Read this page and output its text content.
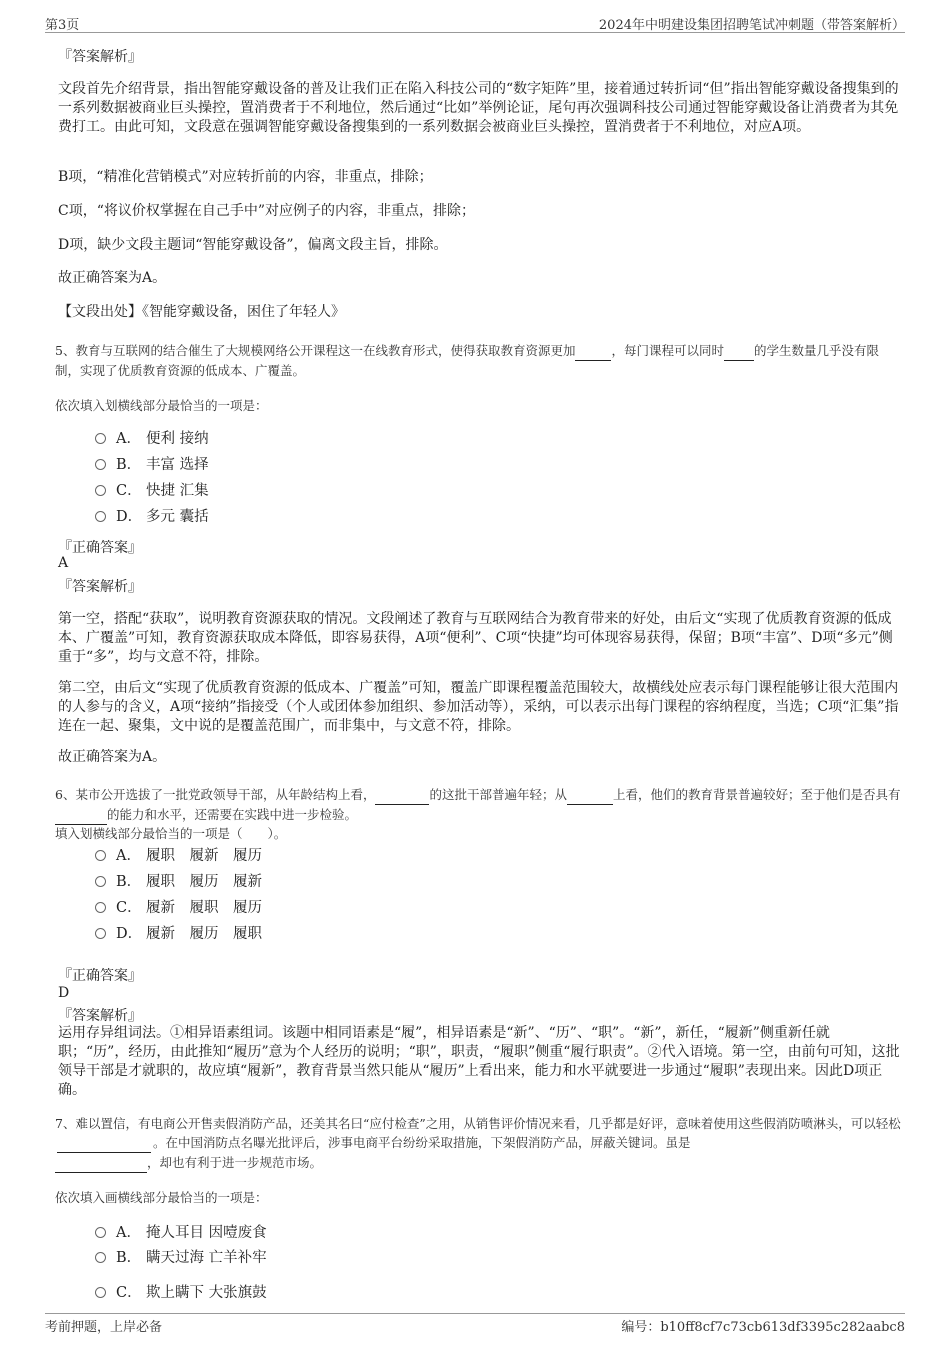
第3页	2024年中明建设集团招聘笔试冲刺题（带答案解析）
『答案解析』
文段首先介绍背景，指出智能穿戴设备的普及让我们正在陷入科技公司的“数字矩阵”里，接着通过转折词“但”指出智能穿戴设备搜集到的一系列数据被商业巨头操控，置消费者于不利地位，然后通过“比如”举例论证，尾句再次强调科技公司通过智能穿戴设备让消费者为其免费打工。由此可知，文段意在强调智能穿戴设备搜集到的一系列数据会被商业巨头操控，置消费者于不利地位，对应A项。
B项，“精准化营销模式”对应转折前的内容，非重点，排除；
C项，“将议价权掌握在自己手中”对应例子的内容，非重点，排除；
D项，缺少文段主题词“智能穿戴设备”，偏离文段主旨，排除。
故正确答案为A。
【文段出处】《智能穿戴设备，困住了年轻人》
5、教育与互联网的结合催生了大规模网络公开课程这一在线教育形式，使得获取教育资源更加	，每门课程可以同时 的学生数量几乎没有限制，实现了优质教育资源的低成本、广覆盖。
依次填入划横线部分最恰当的一项是：
A． 便利 接纳
B． 丰富 选择
C． 快捷 汇集
D． 多元 囊括
『正确答案』
A
『答案解析』
第一空，搭配“获取”，说明教育资源获取的情况。文段阐述了教育与互联网结合为教育带来的好处，由后文“实现了优质教育资源的低成本、广覆盖”可知，教育资源获取成本降低，即容易获得，A项“便利”、C项“快捷”均可体现容易获得，保留；B项“丰富”、D项“多元”侧重于“多”，均与文意不符，排除。
第二空，由后文“实现了优质教育资源的低成本、广覆盖”可知，覆盖广即课程覆盖范围较大，故横线处应表示每门课程能够让很大范围内的人参与的含义，A项“接纳”指接受（个人或团体参加组织、参加活动等），采纳，可以表示出每门课程的容纳程度，当选；C项“汇集”指连在一起、聚集，文中说的是覆盖范围广，而非集中，与文意不符，排除。
故正确答案为A。
6、某市公开选拔了一批党政领导干部，从年龄结构上看，	的这批干部普遍年轻；从	上看，他们的教育背景普遍较好；至于他们是否具有 的能力和水平，还需要在实践中进一步检验。
填入划横线部分最恰当的一项是（　　）。
A． 履职　履新　履历
B． 履职　履历　履新
C． 履新　履职　履历
D． 履新　履历　履职
『正确答案』
D
『答案解析』
运用存异组词法。①相异语素组词。该题中相同语素是“履”，相异语素是“新”、“历”、“职”。“新”，新任，“履新”侧重新任就职；“历”，经历，由此推知“履历”意为个人经历的说明；“职”，职责，“履职”侧重“履行职责”。②代入语境。第一空，由前句可知，这批领导干部是才就职的，故应填“履新”，教育背景当然只能从“履历”上看出来，能力和水平就要进一步通过“履职”表现出来。因此D项正确。
7、难以置信，有电商公开售卖假消防产品，还美其名曰“应付检查”之用，从销售评价情况来看，几乎都是好评，意味着使用这些假消防喷淋头，可以轻松 。在中国消防点名曝光批评后，涉事电商平台纷纷采取措施，下架假消防产品，屏蔽关键词。虽是
，却也有利于进一步规范市场。
依次填入画横线部分最恰当的一项是：
A． 掩人耳目 因噎废食
B． 瞒天过海 亡羊补牢
C． 欺上瞒下 大张旗鼓
考前押题，上岸必备	编号：b10ff8cf7c73cb613df3395c282aabc8
